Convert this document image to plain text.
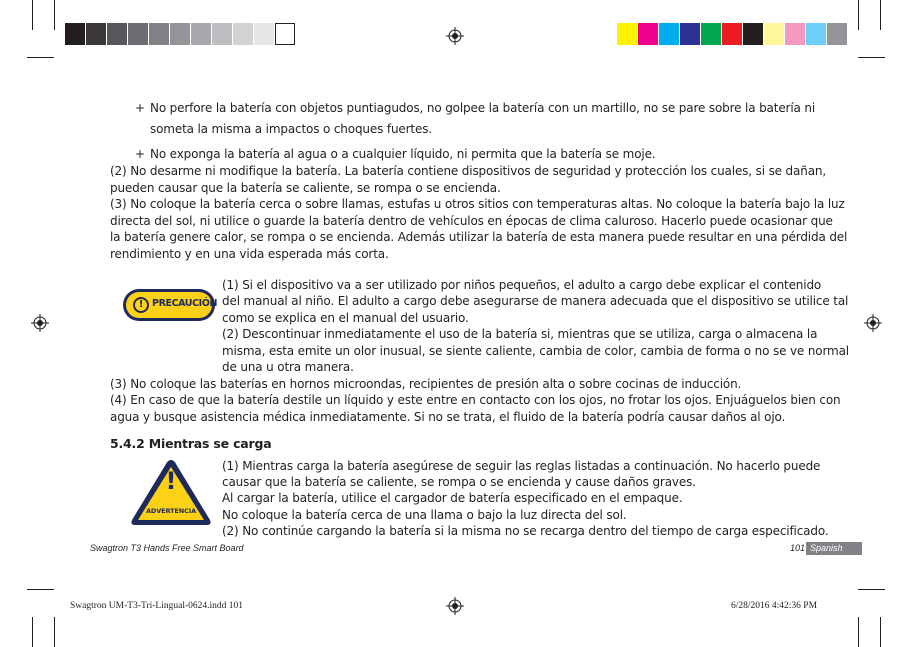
+ No perfore la batería con objetos puntiagudos, no golpee la batería con un martillo, no se pare sobre la batería ni
someta la misma a impactos o choques fuertes.
+ No exponga la batería al agua o a cualquier líquido, ni permita que la batería se moje.
(2) No desarme ni modifique la batería. La batería contiene dispositivos de seguridad y protección los cuales, si se dañan,
pueden causar que la batería se caliente, se rompa o se encienda.
(3) No coloque la batería cerca o sobre llamas, estufas u otros sitios con temperaturas altas. No coloque la batería bajo la luz
directa del sol, ni utilice o guarde la batería dentro de vehículos en épocas de clima caluroso. Hacerlo puede ocasionar que
la batería genere calor, se rompa o se encienda. Además utilizar la batería de esta manera puede resultar en una pérdida del
rendimiento y en una vida esperada más corta.
! PRECAUCIÓN
(1) Si el dispositivo va a ser utilizado por niños pequeños, el adulto a cargo debe explicar el contenido
del manual al niño. El adulto a cargo debe asegurarse de manera adecuada que el dispositivo se utilice tal
como se explica en el manual del usuario.
(2) Descontinuar inmediatamente el uso de la batería si, mientras que se utiliza, carga o almacena la
misma, esta emite un olor inusual, se siente caliente, cambia de color, cambia de forma o no se ve normal
de una u otra manera.
(3) No coloque las baterías en hornos microondas, recipientes de presión alta o sobre cocinas de inducción.
(4) En caso de que la batería destile un líquido y este entre en contacto con los ojos, no frotar los ojos. Enjuáguelos bien con
agua y busque asistencia médica inmediatamente. Si no se trata, el fluido de la batería podría causar daños al ojo.
5.4.2 Mientras se carga
!
ADVERTENCIA
(1) Mientras carga la batería asegúrese de seguir las reglas listadas a continuación. No hacerlo puede
causar que la batería se caliente, se rompa o se encienda y cause daños graves.
Al cargar la batería, utilice el cargador de batería especificado en el empaque.
No coloque la batería cerca de una llama o bajo la luz directa del sol.
(2) No continúe cargando la batería si la misma no se recarga dentro del tiempo de carga especificado.
Swagtron T3 Hands Free Smart Board	101 Spanish
Swagtron UM-T3-Tri-Lingual-0624.indd 101	6/28/2016 4:42:36 PM
